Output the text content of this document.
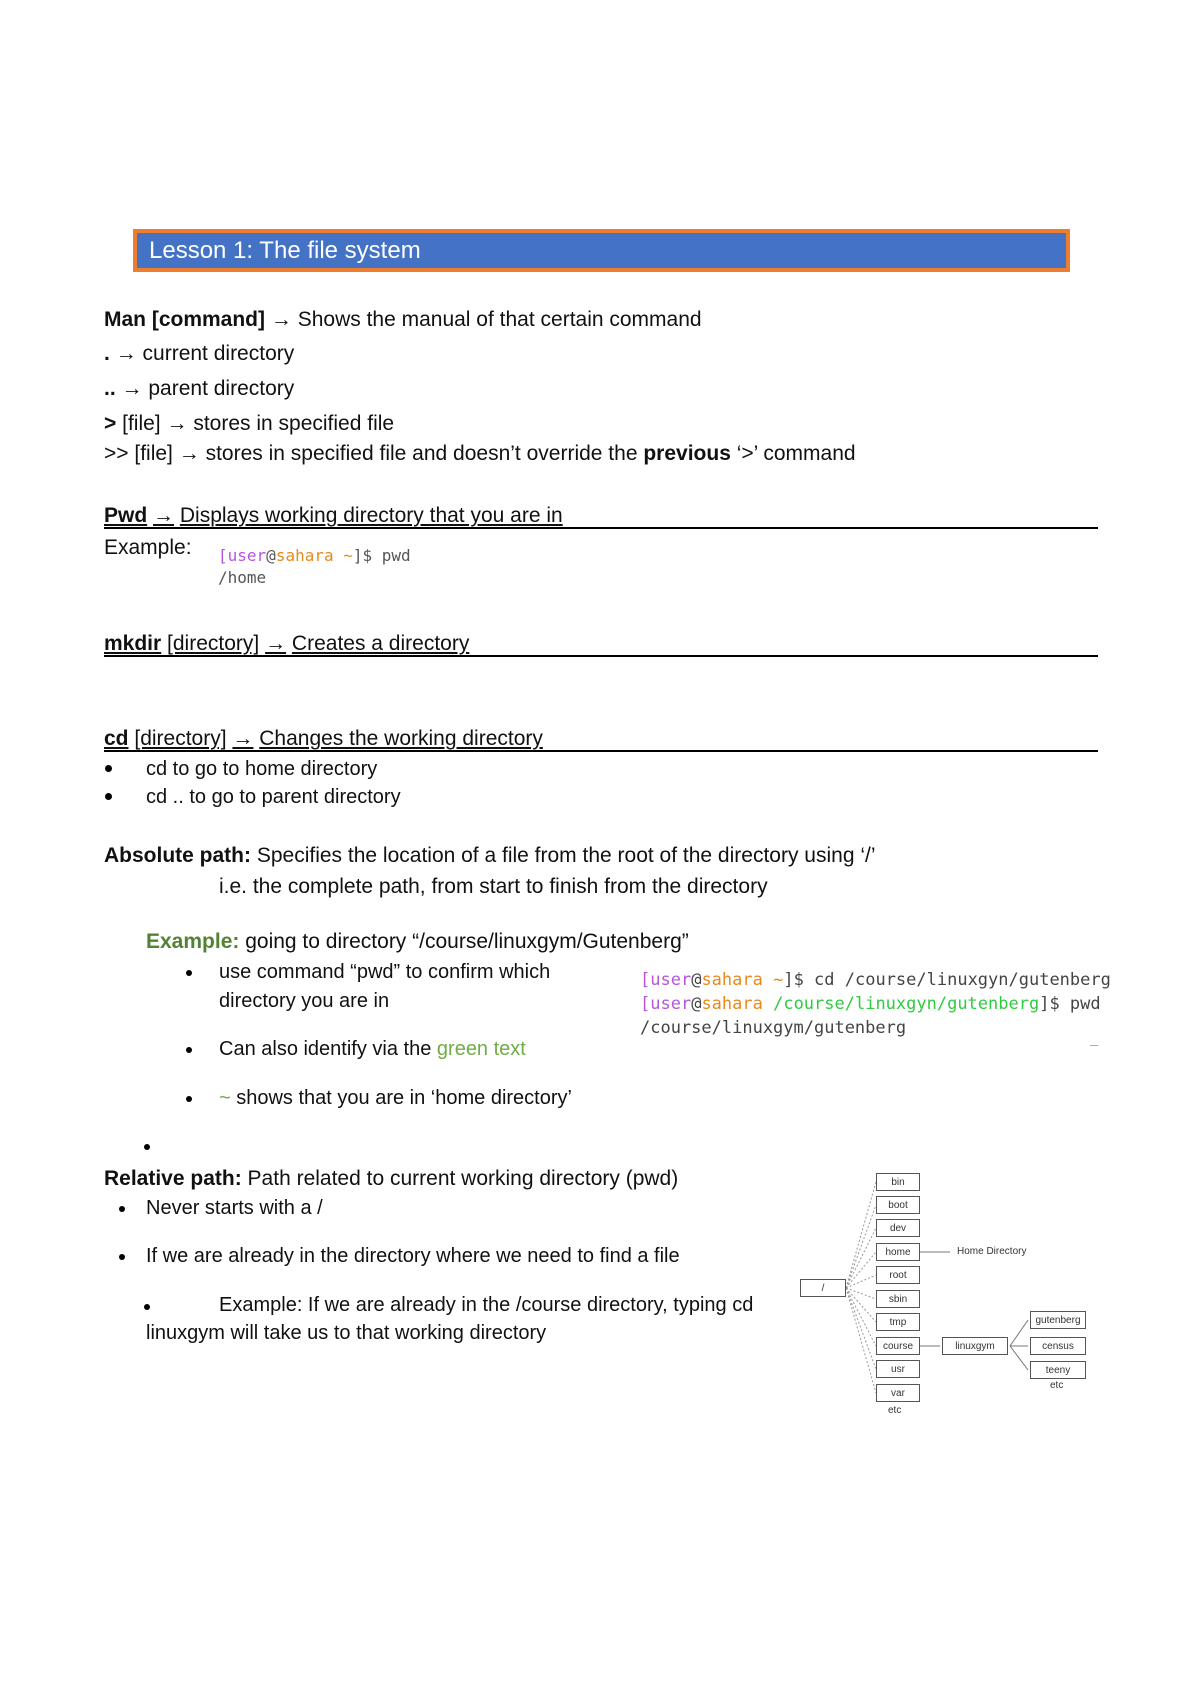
Lesson 1: The file system
Man [command] → Shows the manual of that certain command
. → current directory
.. → parent directory
> [file] → stores in specified file
>> [file] → stores in specified file and doesn’t override the previous ‘>’ command
Pwd → Displays working directory that you are in
Example: [user@sahara ~]$ pwd
/home
mkdir [directory] → Creates a directory
cd [directory] → Changes the working directory
cd to go to home directory
cd .. to go to parent directory
Absolute path: Specifies the location of a file from the root of the directory using ‘/’
i.e. the complete path, from start to finish from the directory
Example: going to directory “/course/linuxgym/Gutenberg”
use command “pwd” to confirm which
directory you are in
Can also identify via the green text
~ shows that you are in ‘home directory’
[user@sahara ~]$ cd /course/linuxgyn/gutenberg
[user@sahara /course/linuxgyn/gutenberg]$ pwd
/course/linuxgym/gutenberg	_
Relative path: Path related to current working directory (pwd)
Never starts with a /
If we are already in the directory where we need to find a file
Example: If we are already in the /course directory, typing cd
linuxgym will take us to that working directory
/
bin
boot
dev
home
root
sbin
tmp
course
usr
var
etc
Home Directory
linuxgym
gutenberg
census
teeny
etc
